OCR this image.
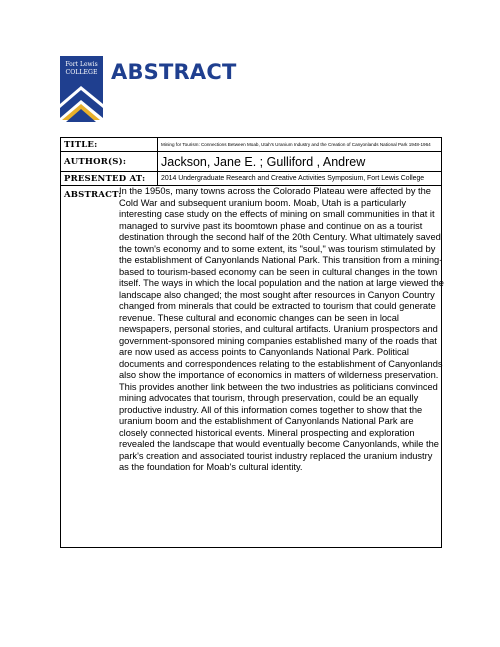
Fort Lewis
COLLEGE ABSTRACT
TITLE:	Mining for Tourism: Connections Between Moab, Utah's Uranium Industry and the Creation of Canyonlands National Park 1948-1964
AUTHOR(S):	Jackson, Jane E. ; Gulliford , Andrew
PRESENTED AT:	2014 Undergraduate Research and Creative Activities Symposium, Fort Lewis College
ABSTRACT:

In the 1950s, many towns across the Colorado Plateau were affected by the Cold War and subsequent uranium boom. Moab, Utah is a particularly interesting case study on the effects of mining on small communities in that it managed to survive past its boomtown phase and continue on as a tourist destination through the second half of the 20th Century. What ultimately saved the town's economy and to some extent, its "soul," was tourism stimulated by the establishment of Canyonlands National Park. This transition from a mining-based to tourism-based economy can be seen in cultural changes in the town itself. The ways in which the local population and the nation at large viewed the landscape also changed; the most sought after resources in Canyon Country changed from minerals that could be extracted to tourism that could generate revenue. These cultural and economic changes can be seen in local newspapers, personal stories, and cultural artifacts. Uranium prospectors and government-sponsored mining companies established many of the roads that are now used as access points to Canyonlands National Park. Political documents and correspondences relating to the establishment of Canyonlands also show the importance of economics in matters of wilderness preservation. This provides another link between the two industries as politicians convinced mining advocates that tourism, through preservation, could be an equally productive industry. All of this information comes together to show that the uranium boom and the establishment of Canyonlands National Park are closely connected historical events. Mineral prospecting and exploration revealed the landscape that would eventually become Canyonlands, while the park's creation and associated tourist industry replaced the uranium industry as the foundation for Moab's cultural identity.
